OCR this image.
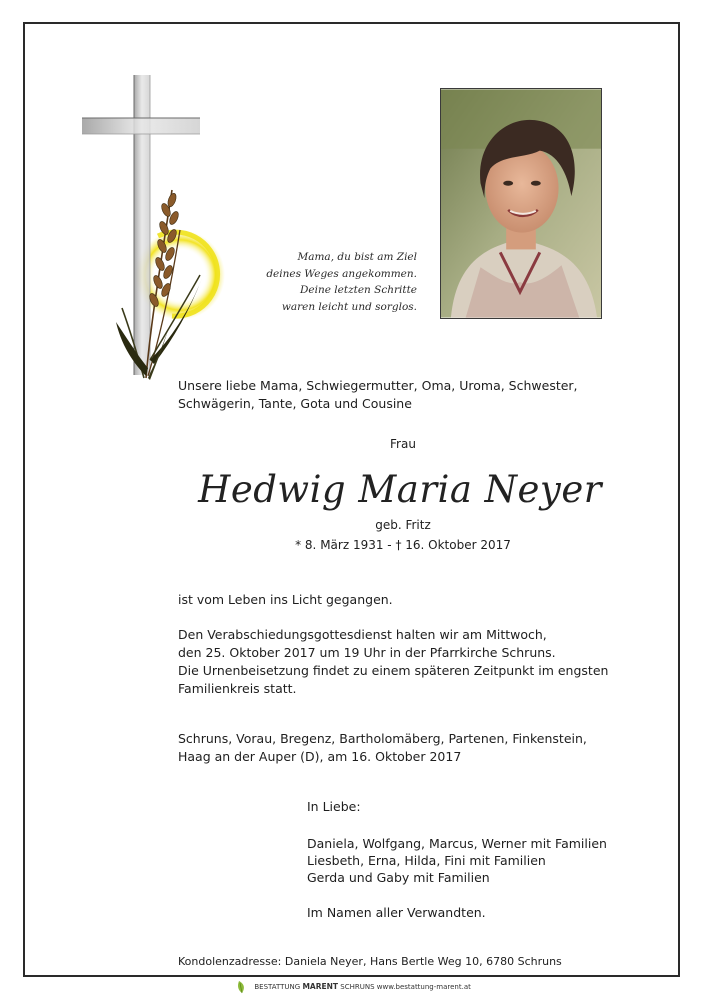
Mama, du bist am Ziel
deines Weges angekommen.
Deine letzten Schritte
waren leicht und sorglos.
Unsere liebe Mama, Schwiegermutter, Oma, Uroma, Schwester,
Schwägerin, Tante, Gota und Cousine
Frau
Hedwig Maria Neyer
geb. Fritz
* 8. März 1931 - † 16. Oktober 2017
ist vom Leben ins Licht gegangen.
Den Verabschiedungsgottesdienst halten wir am Mittwoch,
den 25. Oktober 2017 um 19 Uhr in der Pfarrkirche Schruns.
Die Urnenbeisetzung findet zu einem späteren Zeitpunkt im engsten
Familienkreis statt.
Schruns, Vorau, Bregenz, Bartholomäberg, Partenen, Finkenstein,
Haag an der Auper (D), am 16. Oktober 2017
In Liebe:
Daniela, Wolfgang, Marcus, Werner mit Familien
Liesbeth, Erna, Hilda, Fini mit Familien
Gerda und Gaby mit Familien
Im Namen aller Verwandten.
Kondolenzadresse: Daniela Neyer, Hans Bertle Weg 10, 6780 Schruns
BESTATTUNG MARENT SCHRUNS www.bestattung-marent.at
